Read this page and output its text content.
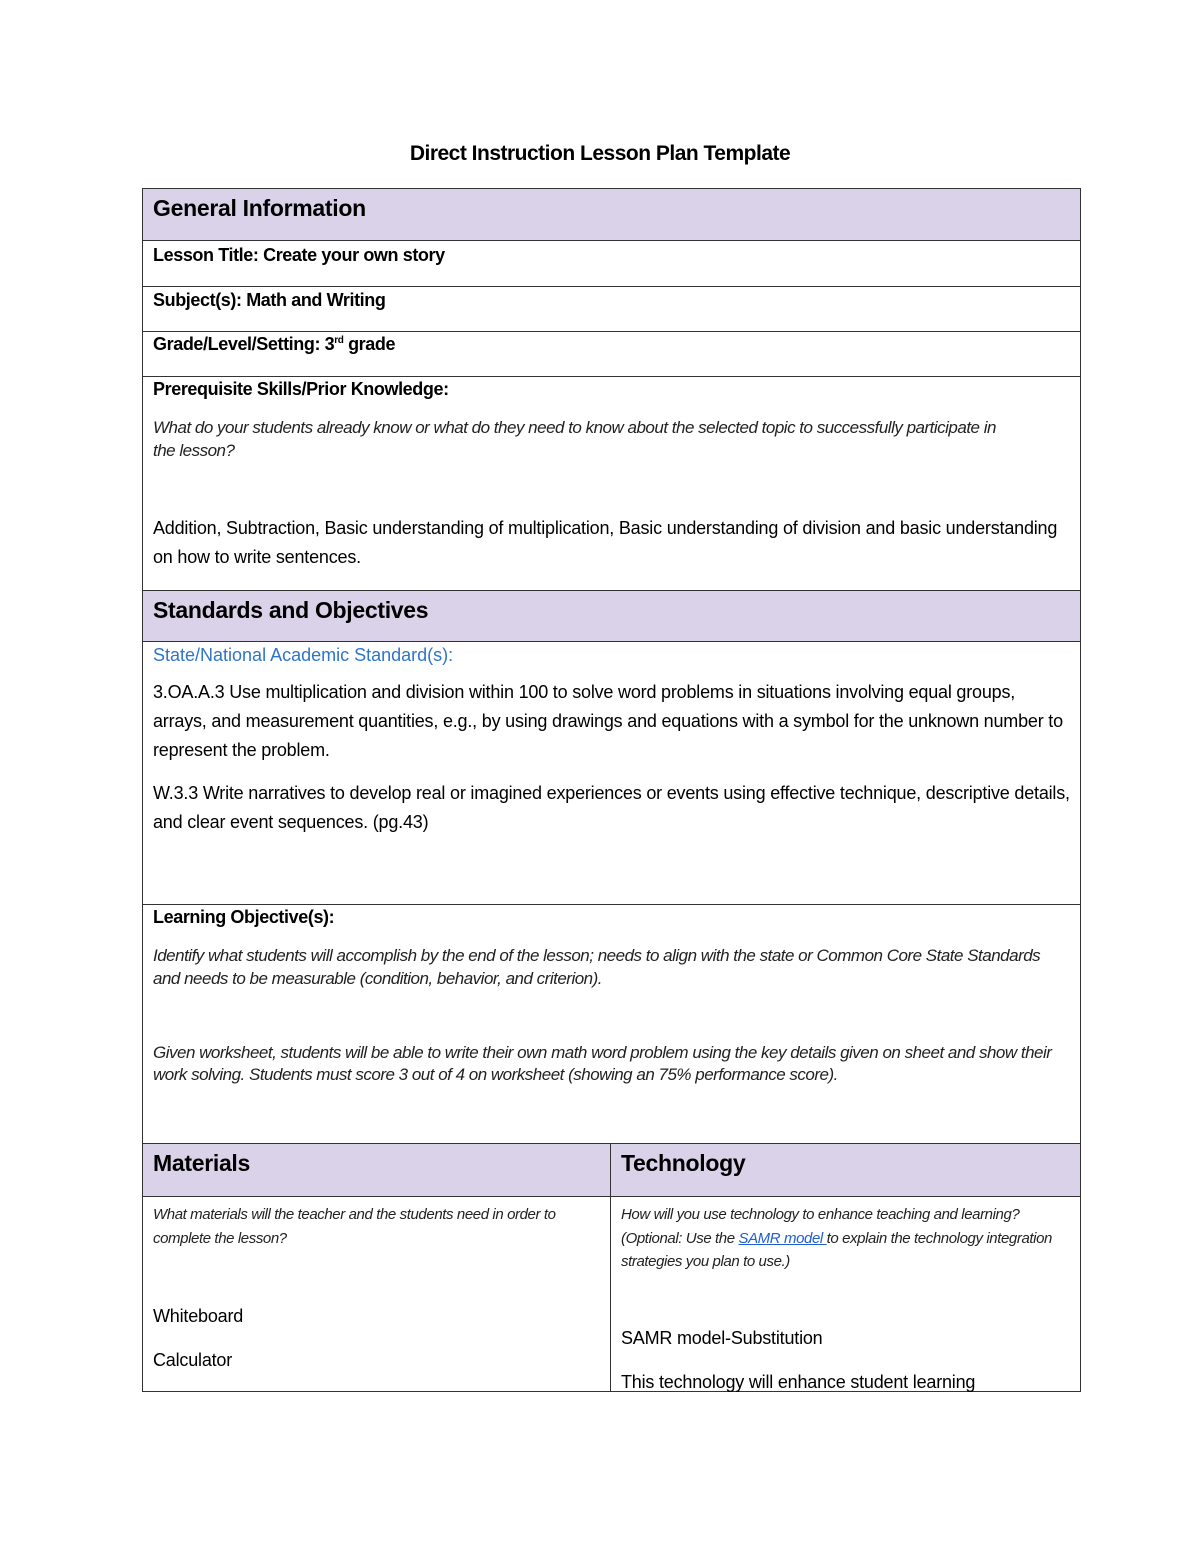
Direct Instruction Lesson Plan Template
General Information
Lesson Title: Create your own story
Subject(s): Math and Writing
Grade/Level/Setting: 3rd grade
Prerequisite Skills/Prior Knowledge:
What do your students already know or what do they need to know about the selected topic to successfully participate in the lesson?
Addition, Subtraction, Basic understanding of multiplication, Basic understanding of division and basic understanding on how to write sentences.
Standards and Objectives
State/National Academic Standard(s):
3.OA.A.3 Use multiplication and division within 100 to solve word problems in situations involving equal groups, arrays, and measurement quantities, e.g., by using drawings and equations with a symbol for the unknown number to represent the problem.
W.3.3 Write narratives to develop real or imagined experiences or events using effective technique, descriptive details, and clear event sequences. (pg.43)
Learning Objective(s):
Identify what students will accomplish by the end of the lesson; needs to align with the state or Common Core State Standards and needs to be measurable (condition, behavior, and criterion).
Given worksheet, students will be able to write their own math word problem using the key details given on sheet and show their work solving. Students must score 3 out of 4 on worksheet (showing an 75% performance score).
Materials	Technology
What materials will the teacher and the students need in order to complete the lesson?
Whiteboard
Calculator
How will you use technology to enhance teaching and learning? (Optional: Use the SAMR model to explain the technology integration strategies you plan to use.)
SAMR model-Substitution
This technology will enhance student learning
